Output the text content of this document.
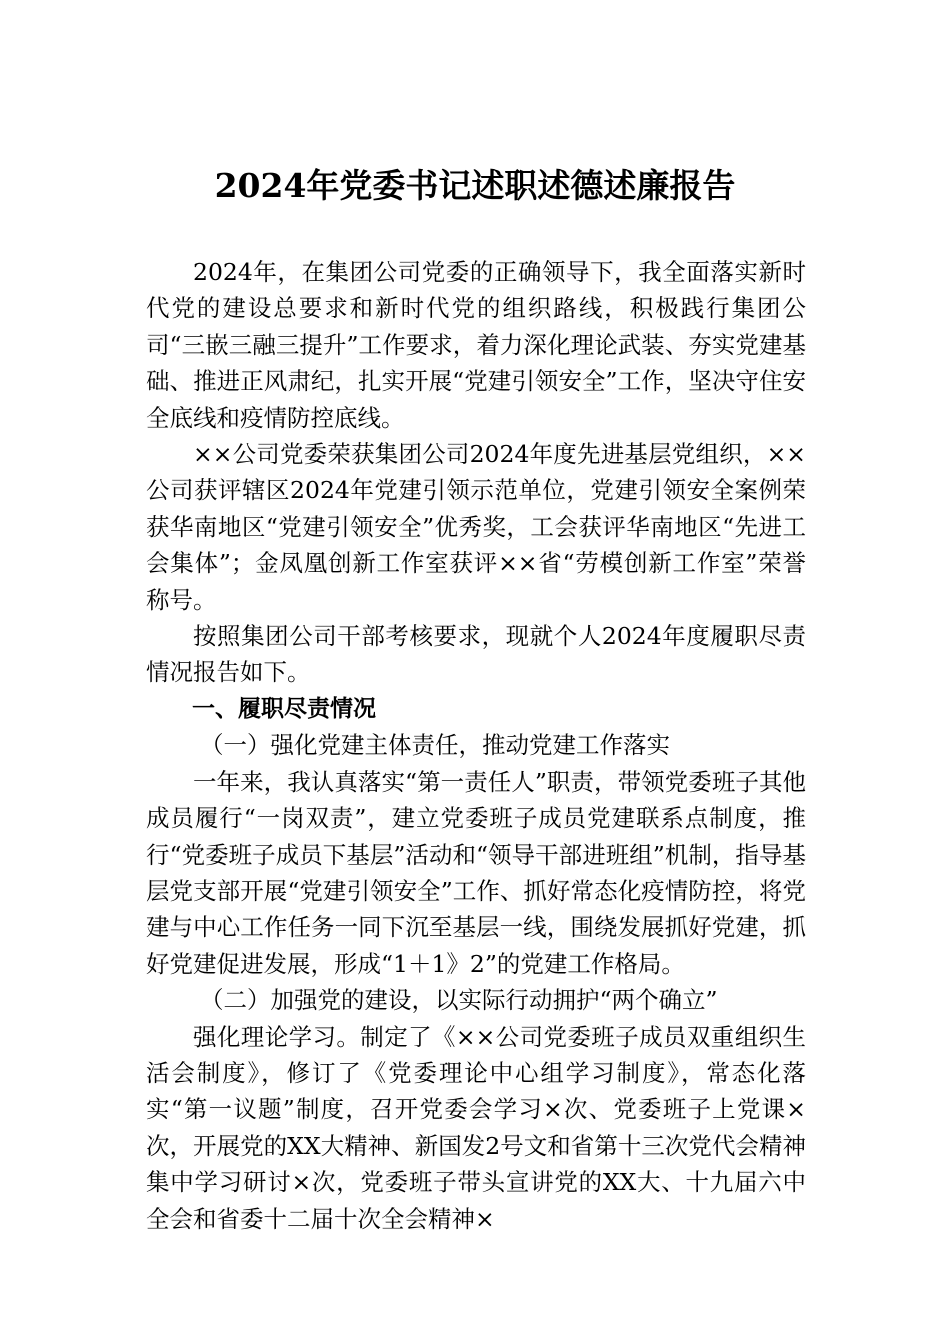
2024年党委书记述职述德述廉报告

2024年，在集团公司党委的正确领导下，我全面落实新时代党的建设总要求和新时代党的组织路线，积极践行集团公司“三嵌三融三提升”工作要求，着力深化理论武装、夯实党建基础、推进正风肃纪，扎实开展“党建引领安全”工作，坚决守住安全底线和疫情防控底线。

××公司党委荣获集团公司2024年度先进基层党组织，××公司获评辖区2024年党建引领示范单位，党建引领安全案例荣获华南地区“党建引领安全”优秀奖，工会获评华南地区“先进工会集体”；金凤凰创新工作室获评××省“劳模创新工作室”荣誉称号。

按照集团公司干部考核要求，现就个人2024年度履职尽责情况报告如下。

一、履职尽责情况

（一）强化党建主体责任，推动党建工作落实

一年来，我认真落实“第一责任人”职责，带领党委班子其他成员履行“一岗双责”，建立党委班子成员党建联系点制度，推行“党委班子成员下基层”活动和“领导干部进班组”机制，指导基层党支部开展“党建引领安全”工作、抓好常态化疫情防控，将党建与中心工作任务一同下沉至基层一线，围绕发展抓好党建，抓好党建促进发展，形成“1＋1》2”的党建工作格局。

（二）加强党的建设，以实际行动拥护“两个确立”

强化理论学习。制定了《××公司党委班子成员双重组织生活会制度》，修订了《党委理论中心组学习制度》，常态化落实“第一议题”制度，召开党委会学习×次、党委班子上党课×次，开展党的XX大精神、新国发2号文和省第十三次党代会精神集中学习研讨×次，党委班子带头宣讲党的XX大、十九届六中全会和省委十二届十次全会精神×
